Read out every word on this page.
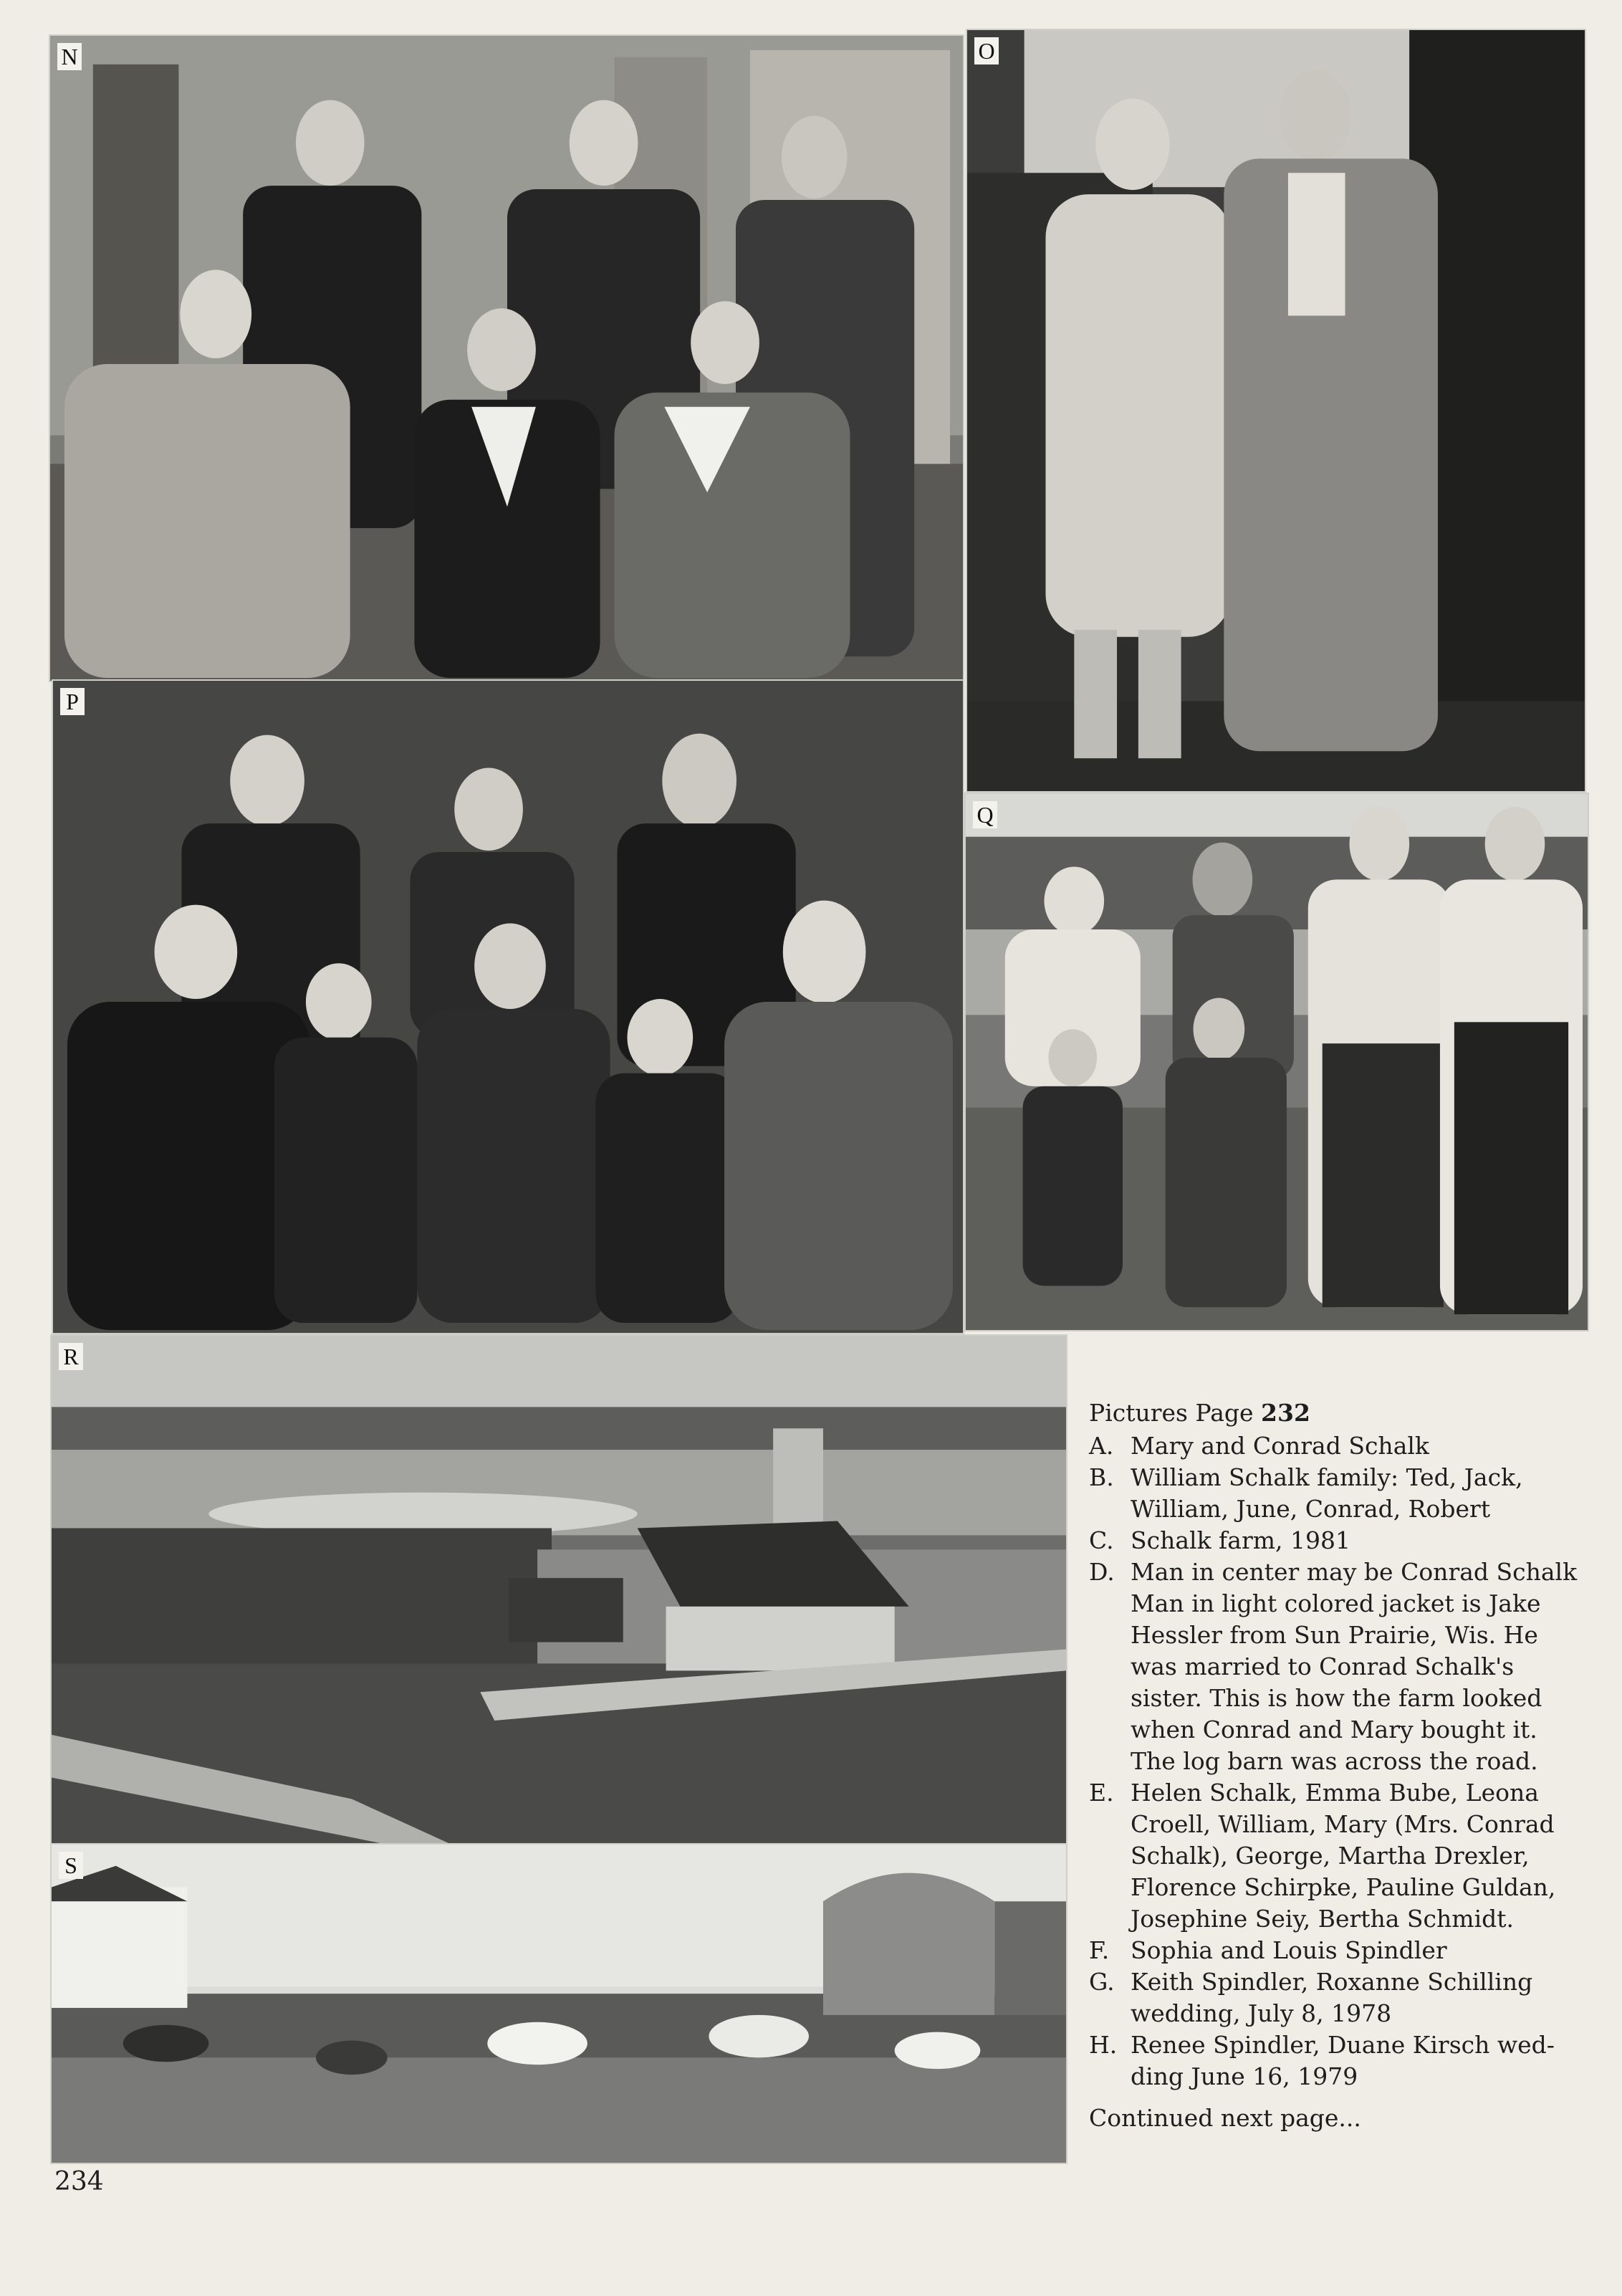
N	O
P
Q
R
S

Pictures Page 232

A. Mary and Conrad Schalk
B. William Schalk family: Ted, Jack,
William, June, Conrad, Robert
C. Schalk farm, 1981
D. Man in center may be Conrad Schalk
Man in light colored jacket is Jake
Hessler from Sun Prairie, Wis. He
was married to Conrad Schalk's
sister. This is how the farm looked
when Conrad and Mary bought it.
The log barn was across the road.
E. Helen Schalk, Emma Bube, Leona
Croell, William, Mary (Mrs. Conrad
Schalk), George, Martha Drexler,
Florence Schirpke, Pauline Guldan,
Josephine Seiy, Bertha Schmidt.
F. Sophia and Louis Spindler
G. Keith Spindler, Roxanne Schilling
wedding, July 8, 1978
H. Renee Spindler, Duane Kirsch wed-
ding June 16, 1979

Continued next page...

234
